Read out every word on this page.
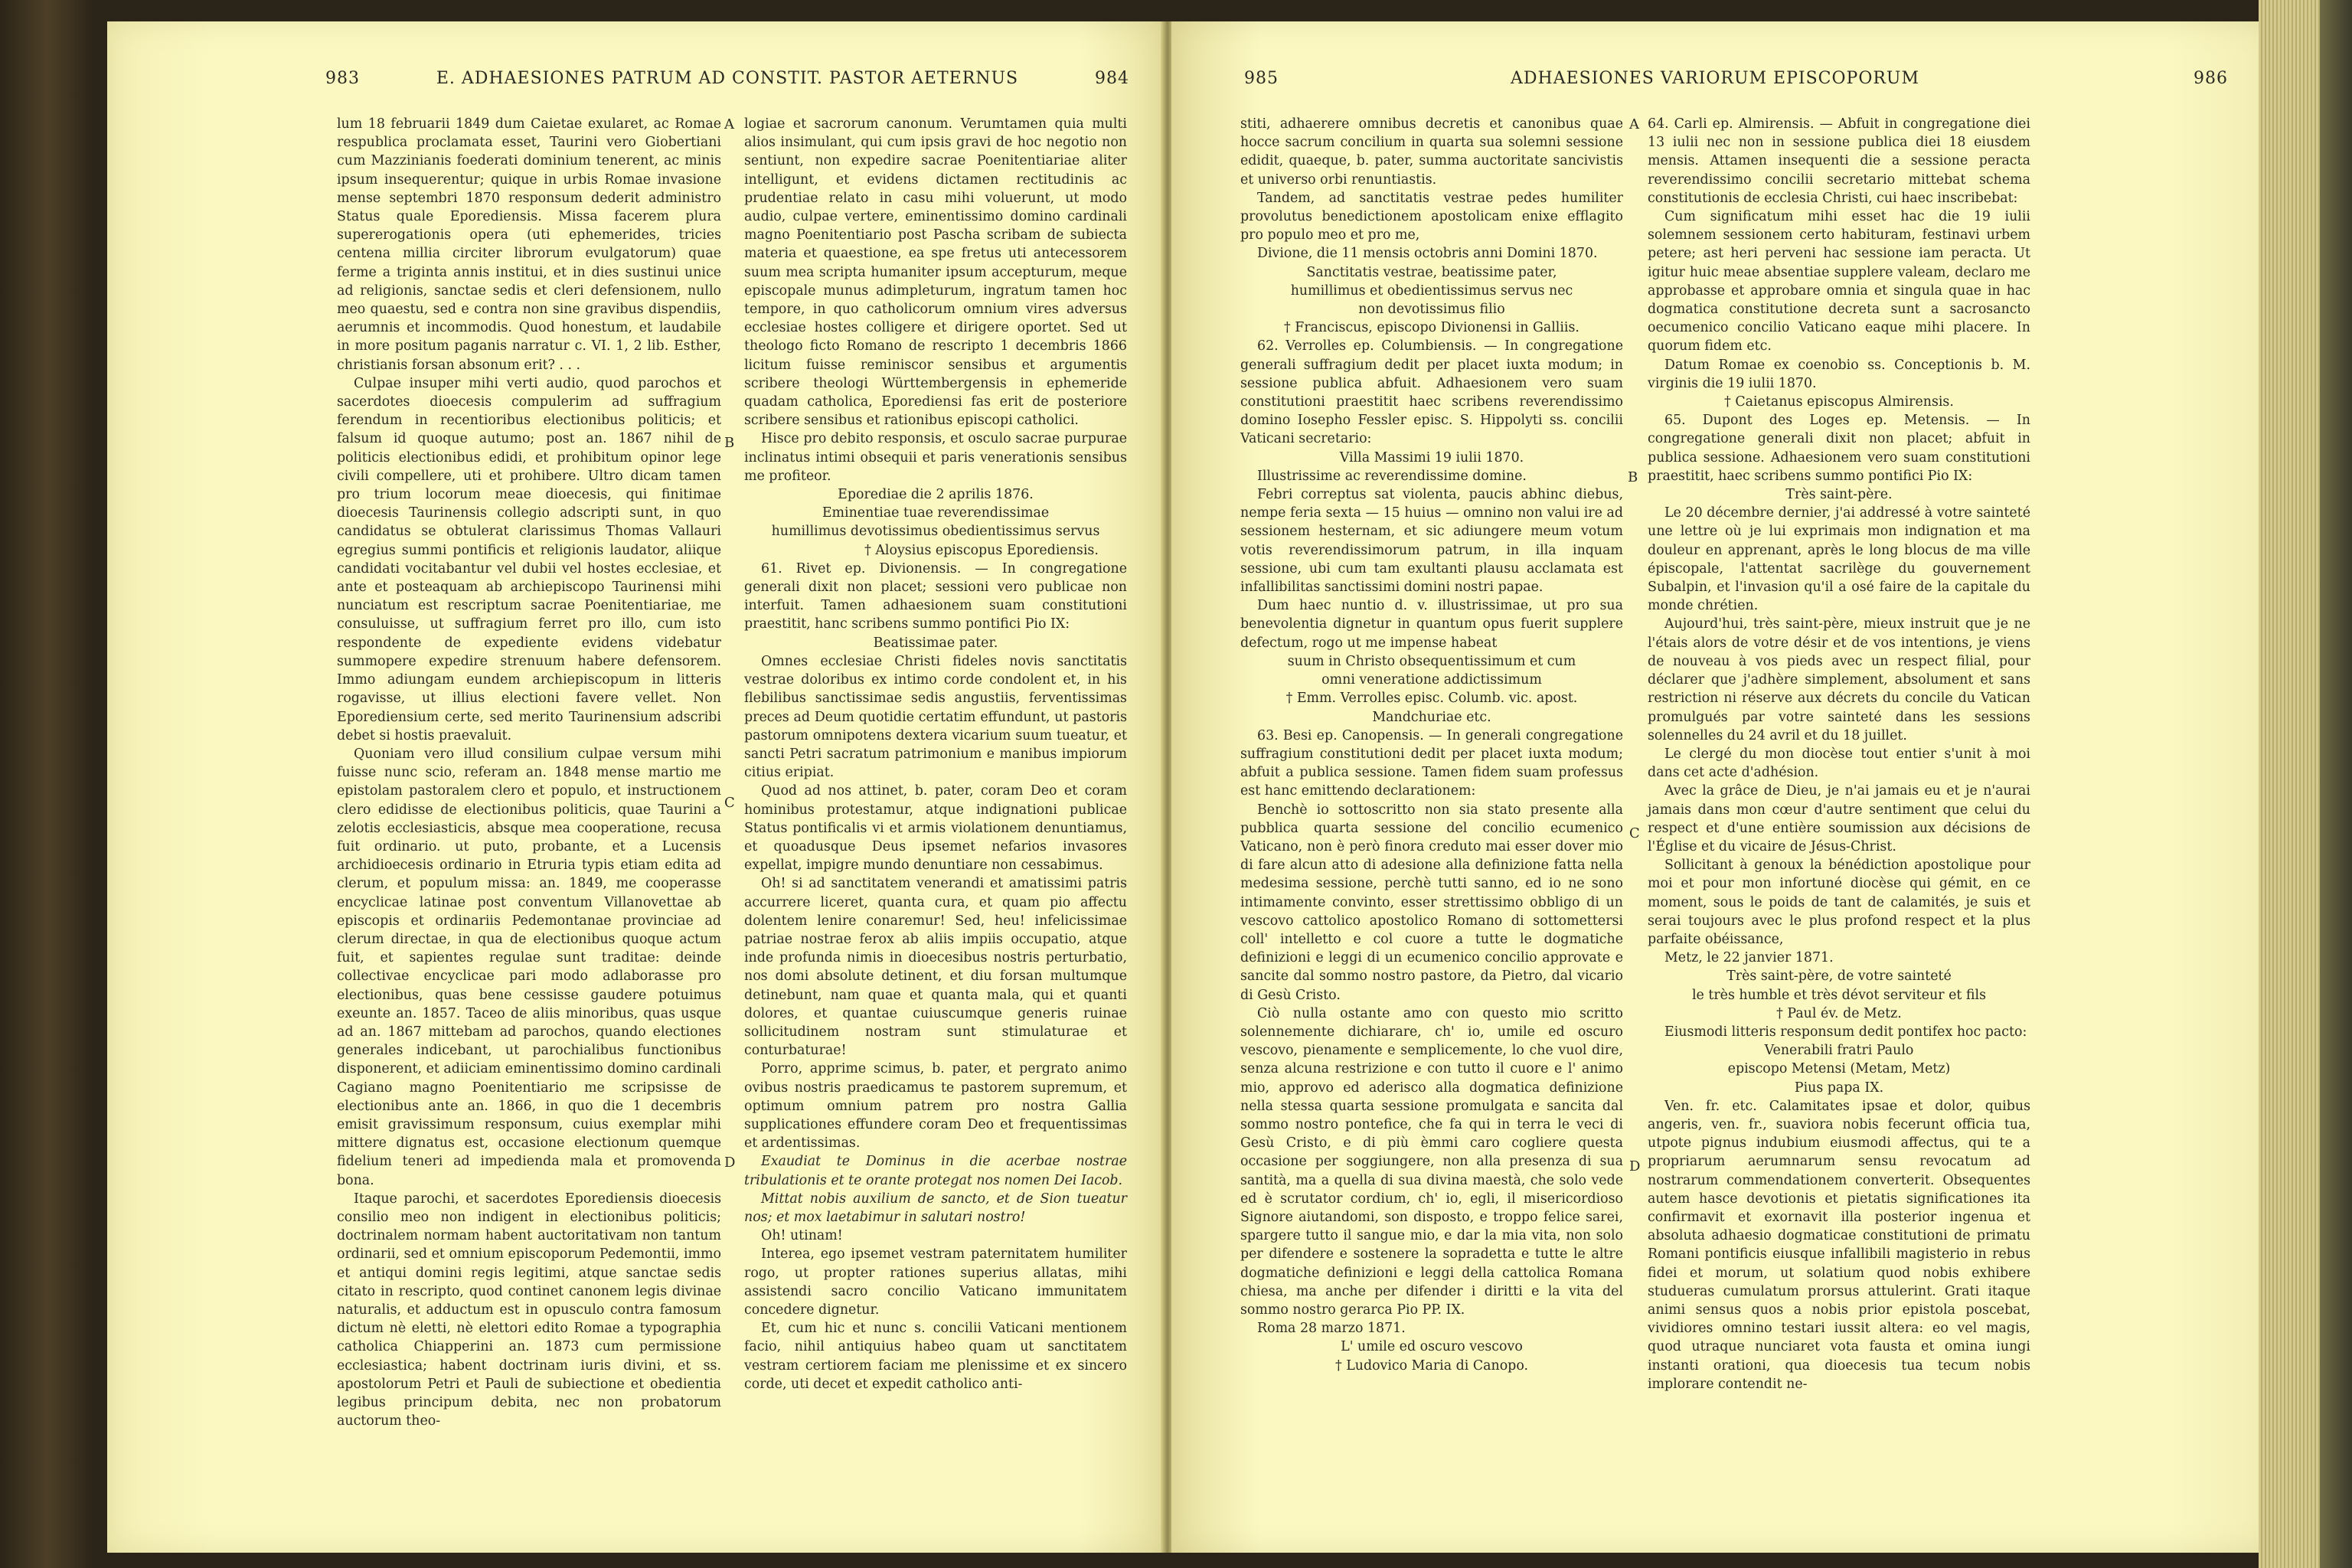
983	E. ADHAESIONES PATRUM AD CONSTIT. PASTOR AETERNUS	984

lum 18 februarii 1849 dum Caietae exularet, ac Romae respublica proclamata esset, Taurini vero Giobertiani cum Mazzinianis foederati dominium tenerent, ac minis ipsum insequerentur; quique in urbis Romae invasione mense septembri 1870 responsum dederit administro Status quale Eporediensis. Missa facerem plura supererogationis opera (uti ephemerides, tricies centena millia circiter librorum evulgatorum) quae ferme a triginta annis institui, et in dies sustinui unice ad religionis, sanctae sedis et cleri defensionem, nullo meo quaestu, sed e contra non sine gravibus dispendiis, aerumnis et incommodis. Quod honestum, et laudabile in more positum paganis narratur c. VI. 1, 2 lib. Esther, christianis forsan absonum erit? . . .

Culpae insuper mihi verti audio, quod parochos et sacerdotes dioecesis compulerim ad suffragium ferendum in recentioribus electionibus politicis; et falsum id quoque autumo; post an. 1867 nihil de politicis electionibus edidi, et prohibitum opinor lege civili compellere, uti et prohibere. Ultro dicam tamen pro trium locorum meae dioecesis, qui finitimae dioecesis Taurinensis collegio adscripti sunt, in quo candidatus se obtulerat clarissimus Thomas Vallauri egregius summi pontificis et religionis laudator, aliique candidati vocitabantur vel dubii vel hostes ecclesiae, et ante et posteaquam ab archiepiscopo Taurinensi mihi nunciatum est rescriptum sacrae Poenitentiariae, me consuluisse, ut suffragium ferret pro illo, cum isto respondente de expediente evidens videbatur summopere expedire strenuum habere defensorem. Immo adiungam eundem archiepiscopum in litteris rogavisse, ut illius electioni favere vellet. Non Eporediensium certe, sed merito Taurinensium adscribi debet si hostis praevaluit.

Quoniam vero illud consilium culpae versum mihi fuisse nunc scio, referam an. 1848 mense martio me epistolam pastoralem clero et populo, et instructionem clero edidisse de electionibus politicis, quae Taurini a zelotis ecclesiasticis, absque mea cooperatione, recusa fuit ordinario. ut puto, probante, et a Lucensis archidioecesis ordinario in Etruria typis etiam edita ad clerum, et populum missa: an. 1849, me cooperasse encyclicae latinae post conventum Villanovettae ab episcopis et ordinariis Pedemontanae provinciae ad clerum directae, in qua de electionibus quoque actum fuit, et sapientes regulae sunt traditae: deinde collectivae encyclicae pari modo adlaborasse pro electionibus, quas bene cessisse gaudere potuimus exeunte an. 1857. Taceo de aliis minoribus, quas usque ad an. 1867 mittebam ad parochos, quando electiones generales indicebant, ut parochialibus functionibus disponerent, et adiiciam eminentissimo domino cardinali Cagiano magno Poenitentiario me scripsisse de electionibus ante an. 1866, in quo die 1 decembris emisit gravissimum responsum, cuius exemplar mihi mittere dignatus est, occasione electionum quemque fidelium teneri ad impedienda mala et promovenda bona.

Itaque parochi, et sacerdotes Eporediensis dioecesis consilio meo non indigent in electionibus politicis; doctrinalem normam habent auctoritativam non tantum ordinarii, sed et omnium episcoporum Pedemontii, immo et antiqui domini regis legitimi, atque sanctae sedis citato in rescripto, quod continet canonem legis divinae naturalis, et adductum est in opusculo contra famosum dictum nè eletti, nè elettori edito Romae a typographia catholica Chiapperini an. 1873 cum permissione ecclesiastica; habent doctrinam iuris divini, et ss. apostolorum Petri et Pauli de subiectione et obedientia legibus principum debita, nec non probatorum auctorum theo-

logiae et sacrorum canonum. Verumtamen quia multi alios insimulant, qui cum ipsis gravi de hoc negotio non sentiunt, non expedire sacrae Poenitentiariae aliter intelligunt, et evidens dictamen rectitudinis ac prudentiae relato in casu mihi voluerunt, ut modo audio, culpae vertere, eminentissimo domino cardinali magno Poenitentiario post Pascha scribam de subiecta materia et quaestione, ea spe fretus uti antecessorem suum mea scripta humaniter ipsum accepturum, meque episcopale munus adimpleturum, ingratum tamen hoc tempore, in quo catholicorum omnium vires adversus ecclesiae hostes colligere et dirigere oportet. Sed ut theologo ficto Romano de rescripto 1 decembris 1866 licitum fuisse reminiscor sensibus et argumentis scribere theologi Württembergensis in ephemeride quadam catholica, Eporediensi fas erit de posteriore scribere sensibus et rationibus episcopi catholici.

Hisce pro debito responsis, et osculo sacrae purpurae inclinatus intimi obsequii et paris venerationis sensibus me profiteor.

Eporediae die 2 aprilis 1876.

Eminentiae tuae reverendissimae

humillimus devotissimus obedientissimus servus

† Aloysius episcopus Eporediensis.

61. Rivet ep. Divionensis. — In congregatione generali dixit non placet; sessioni vero publicae non interfuit. Tamen adhaesionem suam constitutioni praestitit, hanc scribens summo pontifici Pio IX:

Beatissimae pater.

Omnes ecclesiae Christi fideles novis sanctitatis vestrae doloribus ex intimo corde condolent et, in his flebilibus sanctissimae sedis angustiis, ferventissimas preces ad Deum quotidie certatim effundunt, ut pastoris pastorum omnipotens dextera vicarium suum tueatur, et sancti Petri sacratum patrimonium e manibus impiorum citius eripiat.

Quod ad nos attinet, b. pater, coram Deo et coram hominibus protestamur, atque indignationi publicae Status pontificalis vi et armis violationem denuntiamus, et quoadusque Deus ipsemet nefarios invasores expellat, impigre mundo denuntiare non cessabimus.

Oh! si ad sanctitatem venerandi et amatissimi patris accurrere liceret, quanta cura, et quam pio affectu dolentem lenire conaremur! Sed, heu! infelicissimae patriae nostrae ferox ab aliis impiis occupatio, atque inde profunda nimis in dioecesibus nostris perturbatio, nos domi absolute detinent, et diu forsan multumque detinebunt, nam quae et quanta mala, qui et quanti dolores, et quantae cuiuscumque generis ruinae sollicitudinem nostram sunt stimulaturae et conturbaturae!

Porro, apprime scimus, b. pater, et pergrato animo ovibus nostris praedicamus te pastorem supremum, et optimum omnium patrem pro nostra Gallia supplicationes effundere coram Deo et frequentissimas et ardentissimas.

Exaudiat te Dominus in die acerbae nostrae tribulationis et te orante protegat nos nomen Dei Iacob.

Mittat nobis auxilium de sancto, et de Sion tueatur nos; et mox laetabimur in salutari nostro!

Oh! utinam!

Interea, ego ipsemet vestram paternitatem humiliter rogo, ut propter rationes superius allatas, mihi assistendi sacro concilio Vaticano immunitatem concedere dignetur.

Et, cum hic et nunc s. concilii Vaticani mentionem facio, nihil antiquius habeo quam ut sanctitatem vestram certiorem faciam me plenissime et ex sincero corde, uti decet et expedit catholico anti-

A
B
C
D
985	ADHAESIONES VARIORUM EPISCOPORUM	986

stiti, adhaerere omnibus decretis et canonibus quae hocce sacrum concilium in quarta sua solemni sessione edidit, quaeque, b. pater, summa auctoritate sancivistis et universo orbi renuntiastis.

Tandem, ad sanctitatis vestrae pedes humiliter provolutus benedictionem apostolicam enixe efflagito pro populo meo et pro me,

Divione, die 11 mensis octobris anni Domini 1870.

Sanctitatis vestrae, beatissime pater,

humillimus et obedientissimus servus nec

non devotissimus filio

† Franciscus, episcopo Divionensi in Galliis.

62. Verrolles ep. Columbiensis. — In congregatione generali suffragium dedit per placet iuxta modum; in sessione publica abfuit. Adhaesionem vero suam constitutioni praestitit haec scribens reverendissimo domino Iosepho Fessler episc. S. Hippolyti ss. concilii Vaticani secretario:

Villa Massimi 19 iulii 1870.

Illustrissime ac reverendissime domine.

Febri correptus sat violenta, paucis abhinc diebus, nempe feria sexta — 15 huius — omnino non valui ire ad sessionem hesternam, et sic adiungere meum votum votis reverendissimorum patrum, in illa inquam sessione, ubi cum tam exultanti plausu acclamata est infallibilitas sanctissimi domini nostri papae.

Dum haec nuntio d. v. illustrissimae, ut pro sua benevolentia dignetur in quantum opus fuerit supplere defectum, rogo ut me impense habeat

suum in Christo obsequentissimum et cum

omni veneratione addictissimum

† Emm. Verrolles episc. Columb. vic. apost.

Mandchuriae etc.

63. Besi ep. Canopensis. — In generali congregatione suffragium constitutioni dedit per placet iuxta modum; abfuit a publica sessione. Tamen fidem suam professus est hanc emittendo declarationem:

Benchè io sottoscritto non sia stato presente alla pubblica quarta sessione del concilio ecumenico Vaticano, non è però finora creduto mai esser dover mio di fare alcun atto di adesione alla definizione fatta nella medesima sessione, perchè tutti sanno, ed io ne sono intimamente convinto, esser strettissimo obbligo di un vescovo cattolico apostolico Romano di sottomettersi coll' intelletto e col cuore a tutte le dogmatiche definizioni e leggi di un ecumenico concilio approvate e sancite dal sommo nostro pastore, da Pietro, dal vicario di Gesù Cristo.

Ciò nulla ostante amo con questo mio scritto solennemente dichiarare, ch' io, umile ed oscuro vescovo, pienamente e semplicemente, lo che vuol dire, senza alcuna restrizione e con tutto il cuore e l' animo mio, approvo ed aderisco alla dogmatica definizione nella stessa quarta sessione promulgata e sancita dal sommo nostro pontefice, che fa qui in terra le veci di Gesù Cristo, e di più èmmi caro cogliere questa occasione per soggiungere, non alla presenza di sua santità, ma a quella di sua divina maestà, che solo vede ed è scrutator cordium, ch' io, egli, il misericordioso Signore aiutandomi, son disposto, e troppo felice sarei, spargere tutto il sangue mio, e dar la mia vita, non solo per difendere e sostenere la sopradetta e tutte le altre dogmatiche definizioni e leggi della cattolica Romana chiesa, ma anche per difender i diritti e la vita del sommo nostro gerarca Pio PP. IX.

Roma 28 marzo 1871.

L' umile ed oscuro vescovo

† Ludovico Maria di Canopo.

64. Carli ep. Almirensis. — Abfuit in congregatione diei 13 iulii nec non in sessione publica diei 18 eiusdem mensis. Attamen insequenti die a sessione peracta reverendissimo concilii secretario mittebat schema constitutionis de ecclesia Christi, cui haec inscribebat:

Cum significatum mihi esset hac die 19 iulii solemnem sessionem certo habituram, festinavi urbem petere; ast heri perveni hac sessione iam peracta. Ut igitur huic meae absentiae supplere valeam, declaro me approbasse et approbare omnia et singula quae in hac dogmatica constitutione decreta sunt a sacrosancto oecumenico concilio Vaticano eaque mihi placere. In quorum fidem etc.

Datum Romae ex coenobio ss. Conceptionis b. M. virginis die 19 iulii 1870.

† Caietanus episcopus Almirensis.

65. Dupont des Loges ep. Metensis. — In congregatione generali dixit non placet; abfuit in publica sessione. Adhaesionem vero suam constitutioni praestitit, haec scribens summo pontifici Pio IX:

Très saint-père.

Le 20 décembre dernier, j'ai addressé à votre sainteté une lettre où je lui exprimais mon indignation et ma douleur en apprenant, après le long blocus de ma ville épiscopale, l'attentat sacrilège du gouvernement Subalpin, et l'invasion qu'il a osé faire de la capitale du monde chrétien.

Aujourd'hui, très saint-père, mieux instruit que je ne l'étais alors de votre désir et de vos intentions, je viens de nouveau à vos pieds avec un respect filial, pour déclarer que j'adhère simplement, absolument et sans restriction ni réserve aux décrets du concile du Vatican promulgués par votre sainteté dans les sessions solennelles du 24 avril et du 18 juillet.

Le clergé du mon diocèse tout entier s'unit à moi dans cet acte d'adhésion.

Avec la grâce de Dieu, je n'ai jamais eu et je n'aurai jamais dans mon cœur d'autre sentiment que celui du respect et d'une entière soumission aux décisions de l'Église et du vicaire de Jésus-Christ.

Sollicitant à genoux la bénédiction apostolique pour moi et pour mon infortuné diocèse qui gémit, en ce moment, sous le poids de tant de calamités, je suis et serai toujours avec le plus profond respect et la plus parfaite obéissance,

Metz, le 22 janvier 1871.

Très saint-père, de votre sainteté

le très humble et très dévot serviteur et fils

† Paul év. de Metz.

Eiusmodi litteris responsum dedit pontifex hoc pacto:

Venerabili fratri Paulo

episcopo Metensi (Metam, Metz)

Pius papa IX.

Ven. fr. etc. Calamitates ipsae et dolor, quibus angeris, ven. fr., suaviora nobis fecerunt officia tua, utpote pignus indubium eiusmodi affectus, qui te a propriarum aerumnarum sensu revocatum ad nostrarum commendationem converterit. Obsequentes autem hasce devotionis et pietatis significationes ita confirmavit et exornavit illa posterior ingenua et absoluta adhaesio dogmaticae constitutioni de primatu Romani pontificis eiusque infallibili magisterio in rebus fidei et morum, ut solatium quod nobis exhibere studueras cumulatum prorsus attulerint. Grati itaque animi sensus quos a nobis prior epistola poscebat, vividiores omnino testari iussit altera: eo vel magis, quod utraque nunciaret vota fausta et omina iungi instanti orationi, qua dioecesis tua tecum nobis implorare contendit ne-

A
B
C
D
